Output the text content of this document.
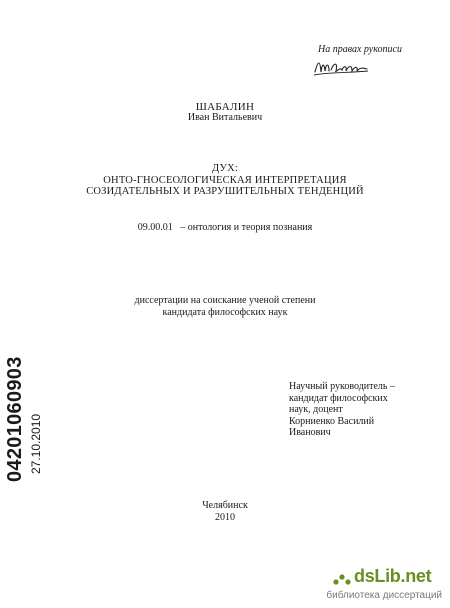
На правах рукописи
ШАБАЛИН
Иван Витальевич
ДУХ:
ОНТО-ГНОСЕОЛОГИЧЕСКАЯ ИНТЕРПРЕТАЦИЯ
СОЗИДАТЕЛЬНЫХ И РАЗРУШИТЕЛЬНЫХ ТЕНДЕНЦИЙ
09.00.01   – онтология и теория познания
диссертации на соискание ученой степени
кандидата философских наук
Научный руководитель –
кандидат философских
наук, доцент
Корниенко Василий
Иванович
Челябинск
2010
04201060903 27.10.2010
dsLib.net
библиотека диссертаций
